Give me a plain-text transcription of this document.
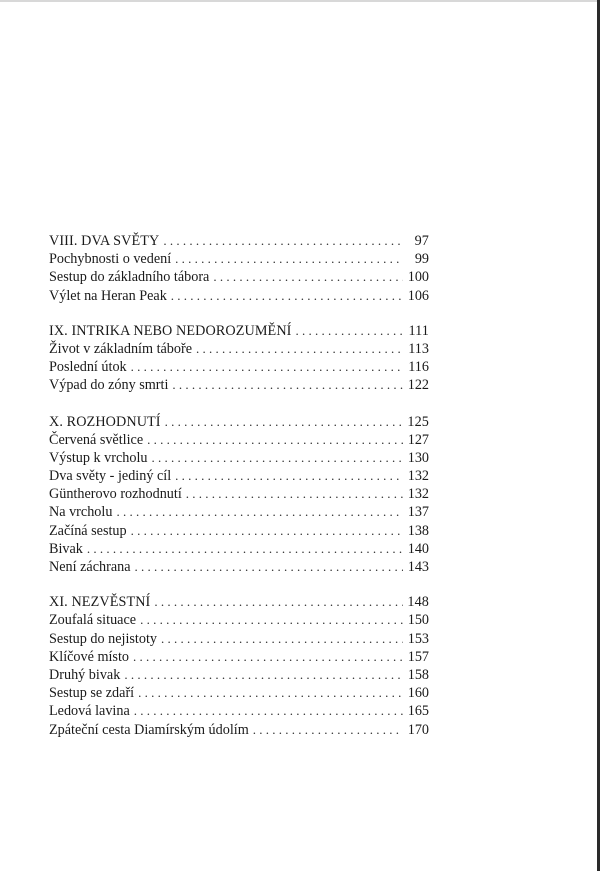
VIII. DVA SVĚTY . . .	97
Pochybnosti o vedení . . .	99
Sestup do základního tábora . . .	100
Výlet na Heran Peak . . .	106
IX. INTRIKA NEBO NEDOROZUMĚNÍ . . .	111
Život v základním táboře . . .	113
Poslední útok . . .	116
Výpad do zóny smrti . . .	122
X. ROZHODNUTÍ . . .	125
Červená světlice . . .	127
Výstup k vrcholu . . .	130
Dva světy - jediný cíl . . .	132
Güntherovo rozhodnutí . . .	132
Na vrcholu . . .	137
Začíná sestup . . .	138
Bivak . . .	140
Není záchrana . . .	143
XI. NEZVĚSTNÍ . . .	148
Zoufalá situace . . .	150
Sestup do nejistoty . . .	153
Klíčové místo . . .	157
Druhý bivak . . .	158
Sestup se zdaří . . .	160
Ledová lavina . . .	165
Zpáteční cesta Diamírským údolím . . .	170
